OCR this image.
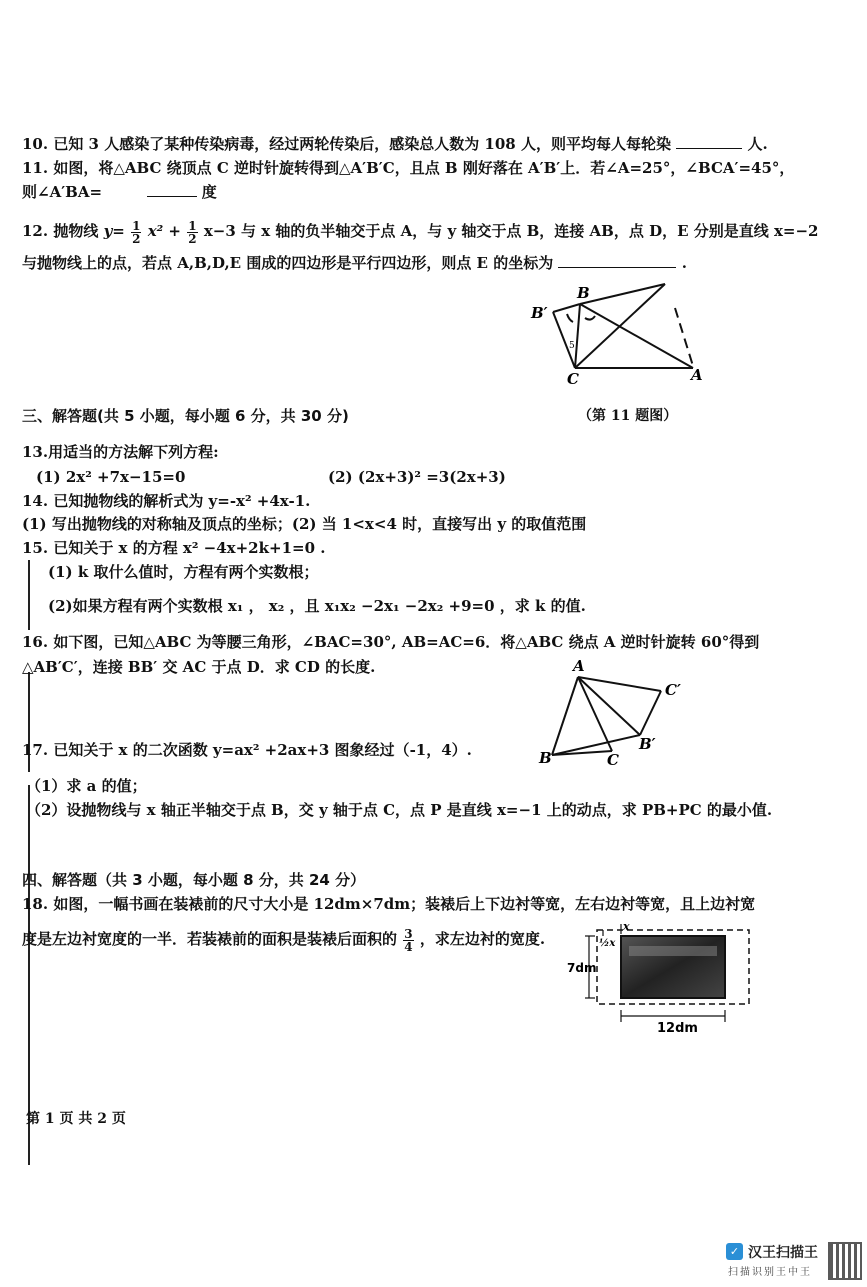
10. 已知 3 人感染了某种传染病毒，经过两轮传染后，感染总人数为 108 人，则平均每人每轮染	人.
11. 如图，将△ABC 绕顶点 C 逆时针旋转得到△A′B′C，且点 B 刚好落在 A′B′上．若∠A=25°，∠BCA′=45°，
则∠A′BA=	度
12. 抛物线 $y= \frac{1}{2} x^2 + \frac{1}{2} x-3$ 与 x 轴的负半轴交于点 A，与 y 轴交于点 B，连接 AB，点 D，E 分别是直线 x=−2
与抛物线上的点，若点 A,B,D,E 围成的四边形是平行四边形，则点 E 的坐标为	.
B′
B
C	A
5
三、解答题(共 5 小题，每小题 6 分，共 30 分)	（第 11 题图）
13.用适当的方法解下列方程:
(1) 2x² +7x−15=0	(2) (2x+3)² =3(2x+3)
14. 已知抛物线的解析式为 y=-x² +4x-1.
(1) 写出抛物线的对称轴及顶点的坐标；(2) 当 1<x<4 时，直接写出 y 的取值范围
15. 已知关于 x 的方程 x² −4x+2k+1=0 .
(1) k 取什么值时，方程有两个实数根；
(2)如果方程有两个实数根 x₁ ， x₂ ，且 x₁x₂ −2x₁ −2x₂ +9=0 ，求 k 的值.
16. 如下图，已知△ABC 为等腰三角形，∠BAC=30°, AB=AC=6．将△ABC 绕点 A 逆时针旋转 60°得到
△AB′C′，连接 BB′ 交 AC 于点 D．求 CD 的长度.	A
C′
B′
B	C
17. 已知关于 x 的二次函数 y=ax² +2ax+3 图象经过（-1，4）.
（1）求 a 的值；
（2）设抛物线与 x 轴正半轴交于点 B，交 y 轴于点 C，点 P 是直线 x=−1 上的动点，求 PB+PC 的最小值.
四、解答题（共 3 小题，每小题 8 分，共 24 分）
18. 如图，一幅书画在装裱前的尺寸大小是 12dm×7dm；装裱后上下边衬等宽，左右边衬等宽，且上边衬宽
度是左边衬宽度的一半．若装裱前的面积是装裱后面积的 $\frac{3}{4}$ ，求左边衬的宽度.	½x
x
7dm
12dm
第 1 页 共 2 页
✓ 汉王扫描王
扫描识别王中王
